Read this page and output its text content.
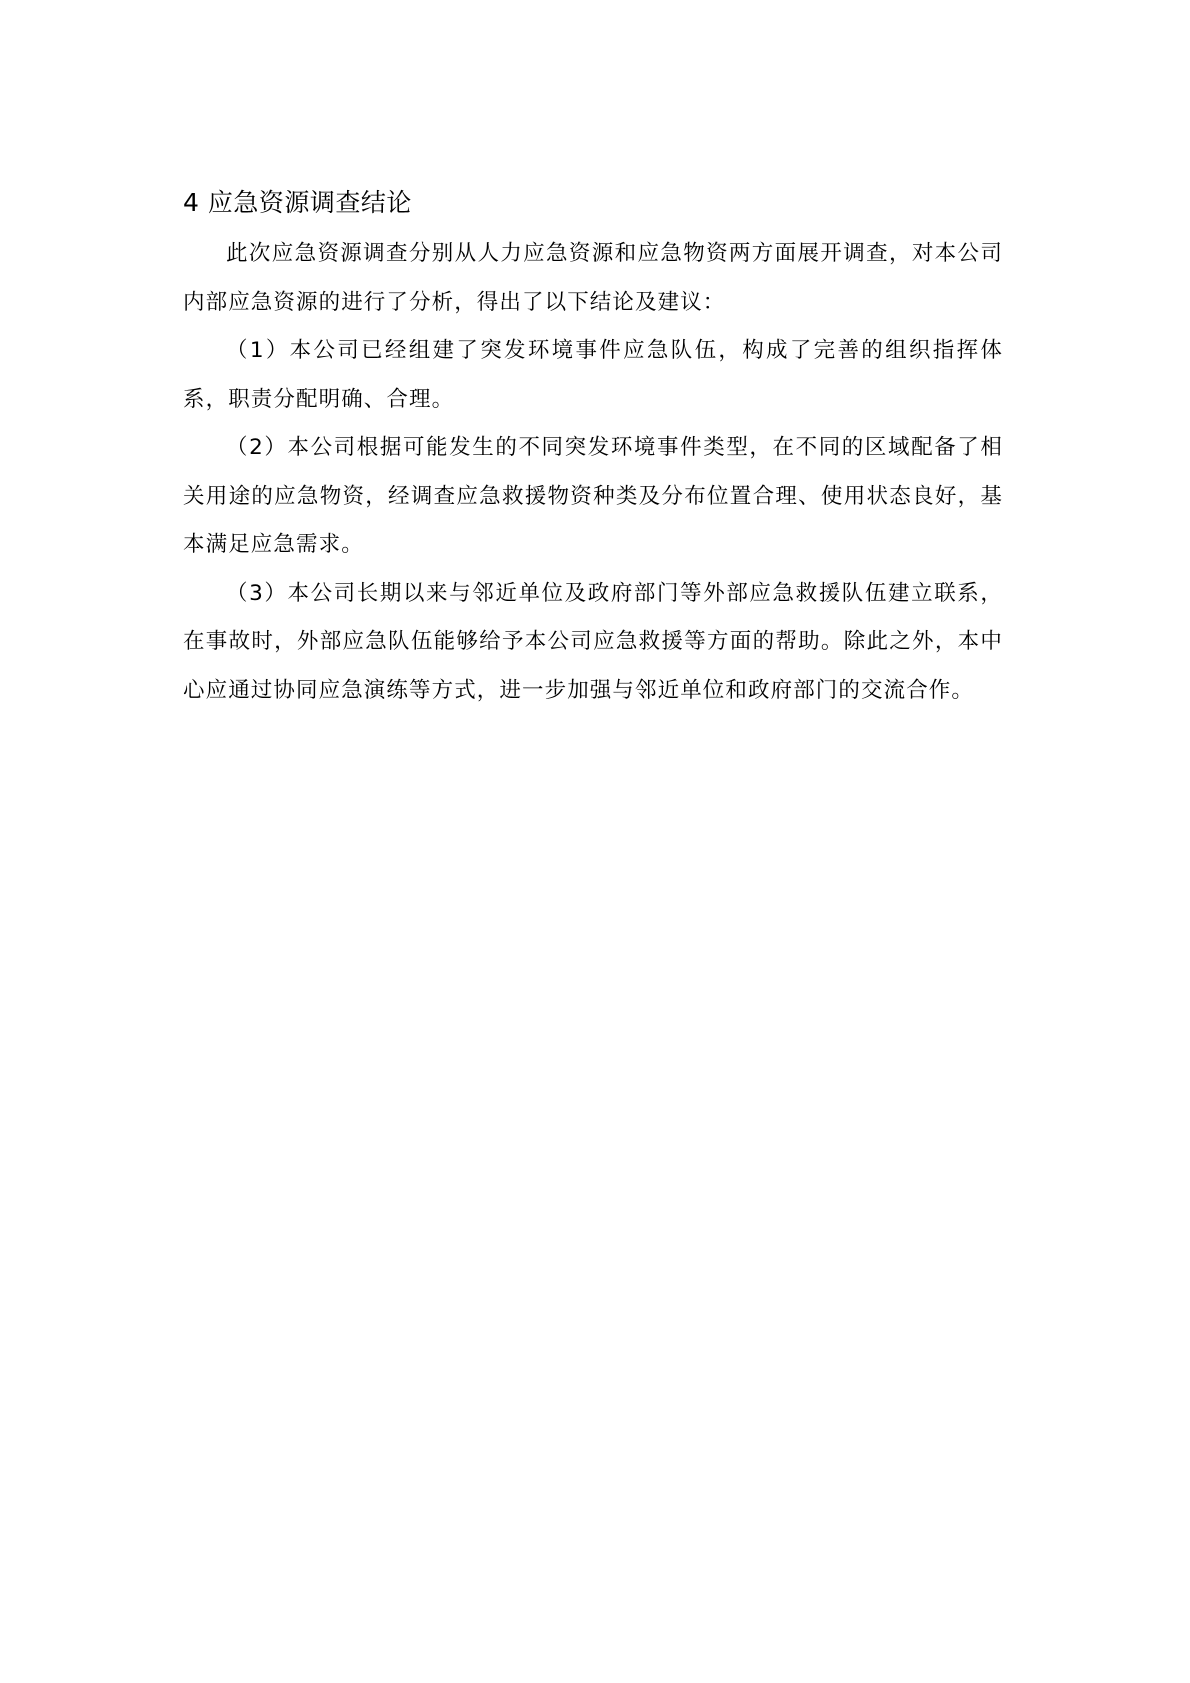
4 应急资源调查结论

此次应急资源调查分别从人力应急资源和应急物资两方面展开调查，对本公司内部应急资源的进行了分析，得出了以下结论及建议：

（1）本公司已经组建了突发环境事件应急队伍，构成了完善的组织指挥体系，职责分配明确、合理。

（2）本公司根据可能发生的不同突发环境事件类型，在不同的区域配备了相关用途的应急物资，经调查应急救援物资种类及分布位置合理、使用状态良好，基本满足应急需求。

（3）本公司长期以来与邻近单位及政府部门等外部应急救援队伍建立联系，在事故时，外部应急队伍能够给予本公司应急救援等方面的帮助。除此之外，本中心应通过协同应急演练等方式，进一步加强与邻近单位和政府部门的交流合作。
